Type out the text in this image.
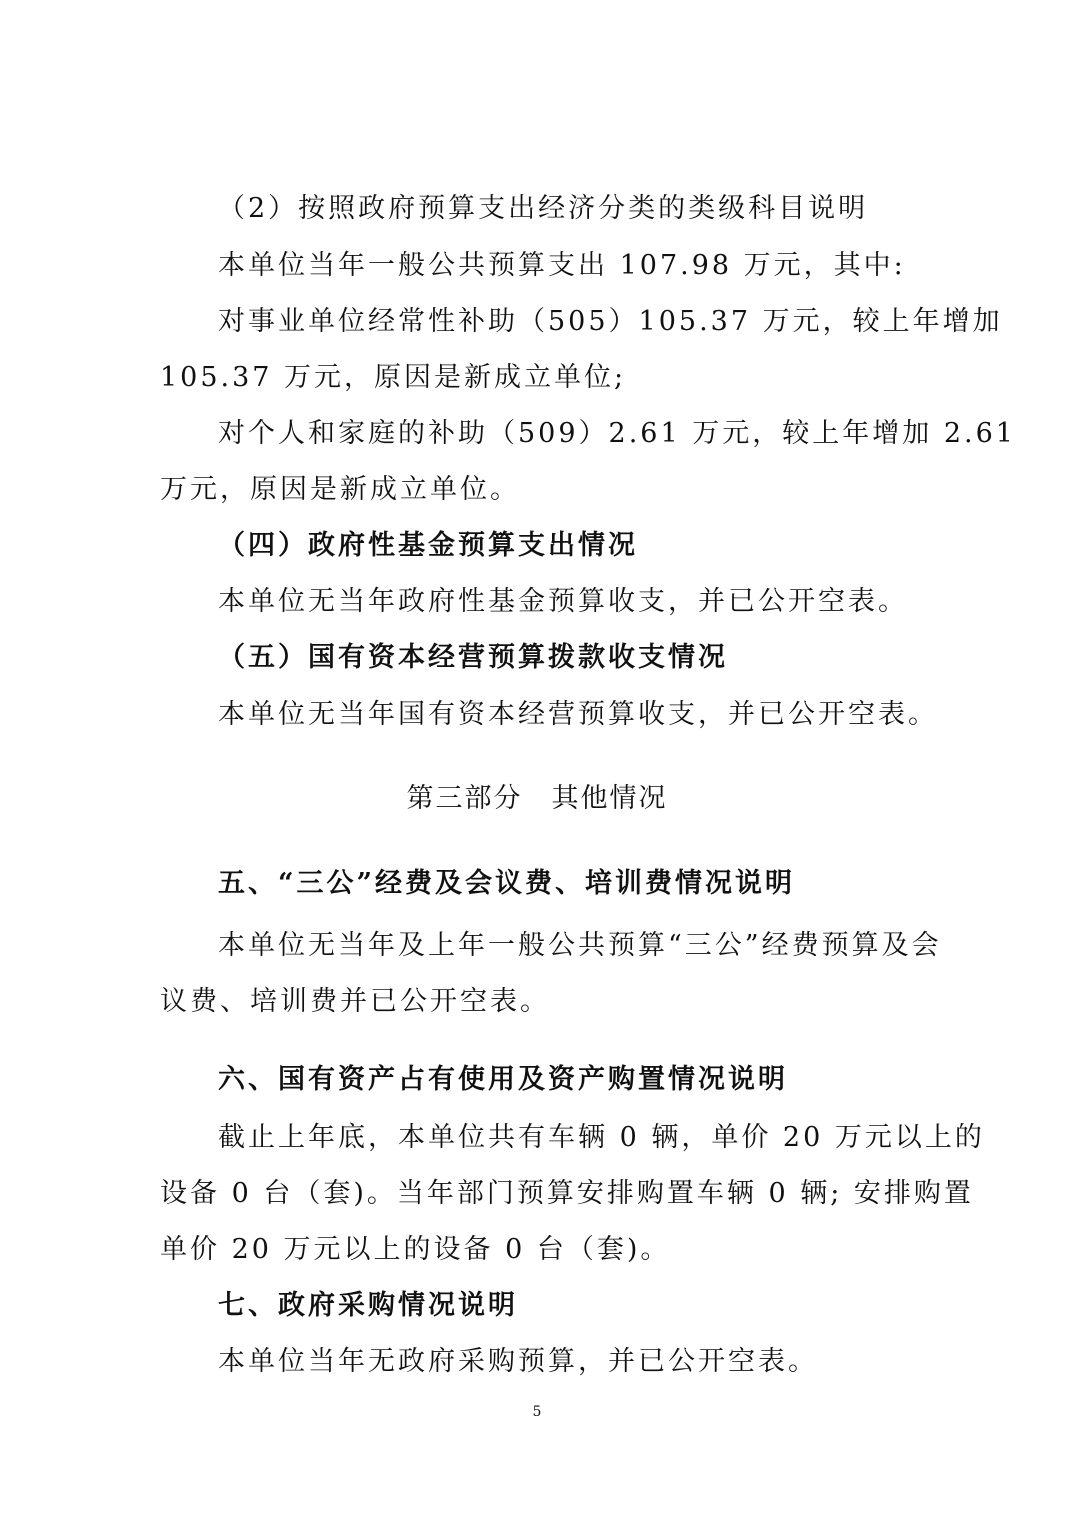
（2）按照政府预算支出经济分类的类级科目说明
本单位当年一般公共预算支出 107.98 万元，其中:
对事业单位经常性补助（505）105.37 万元，较上年增加
105.37 万元，原因是新成立单位;
对个人和家庭的补助（509）2.61 万元，较上年增加 2.61
万元，原因是新成立单位。
（四）政府性基金预算支出情况
本单位无当年政府性基金预算收支，并已公开空表。
（五）国有资本经营预算拨款收支情况
本单位无当年国有资本经营预算收支，并已公开空表。
第三部分　其他情况
五、“三公”经费及会议费、培训费情况说明
本单位无当年及上年一般公共预算“三公”经费预算及会
议费、培训费并已公开空表。
六、国有资产占有使用及资产购置情况说明
截止上年底，本单位共有车辆 0 辆，单价 20 万元以上的
设备 0 台（套)。当年部门预算安排购置车辆 0 辆; 安排购置
单价 20 万元以上的设备 0 台（套)。
七、政府采购情况说明
本单位当年无政府采购预算，并已公开空表。
5
